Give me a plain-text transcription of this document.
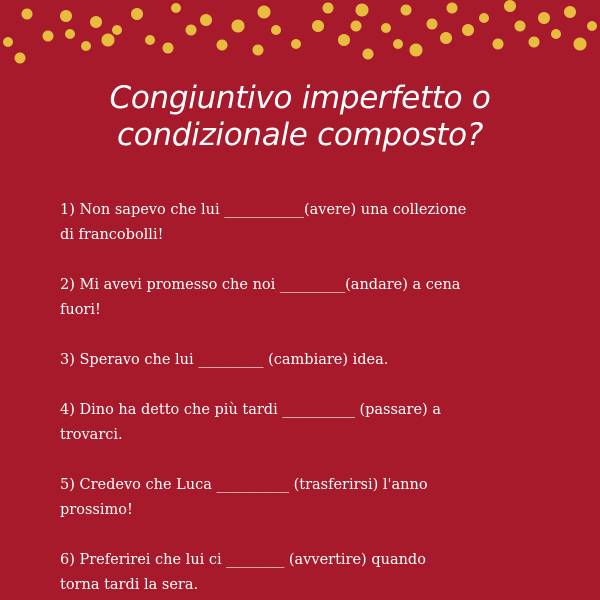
Congiuntivo imperfetto o
condizionale composto?
1) Non sapevo che lui ___________(avere) una collezione
di francobolli!
2) Mi avevi promesso che noi _________(andare) a cena
fuori!
3) Speravo che lui _________ (cambiare) idea.
4) Dino ha detto che più tardi __________ (passare) a
trovarci.
5) Credevo che Luca __________ (trasferirsi) l'anno
prossimo!
6) Preferirei che lui ci ________ (avvertire) quando
torna tardi la sera.
